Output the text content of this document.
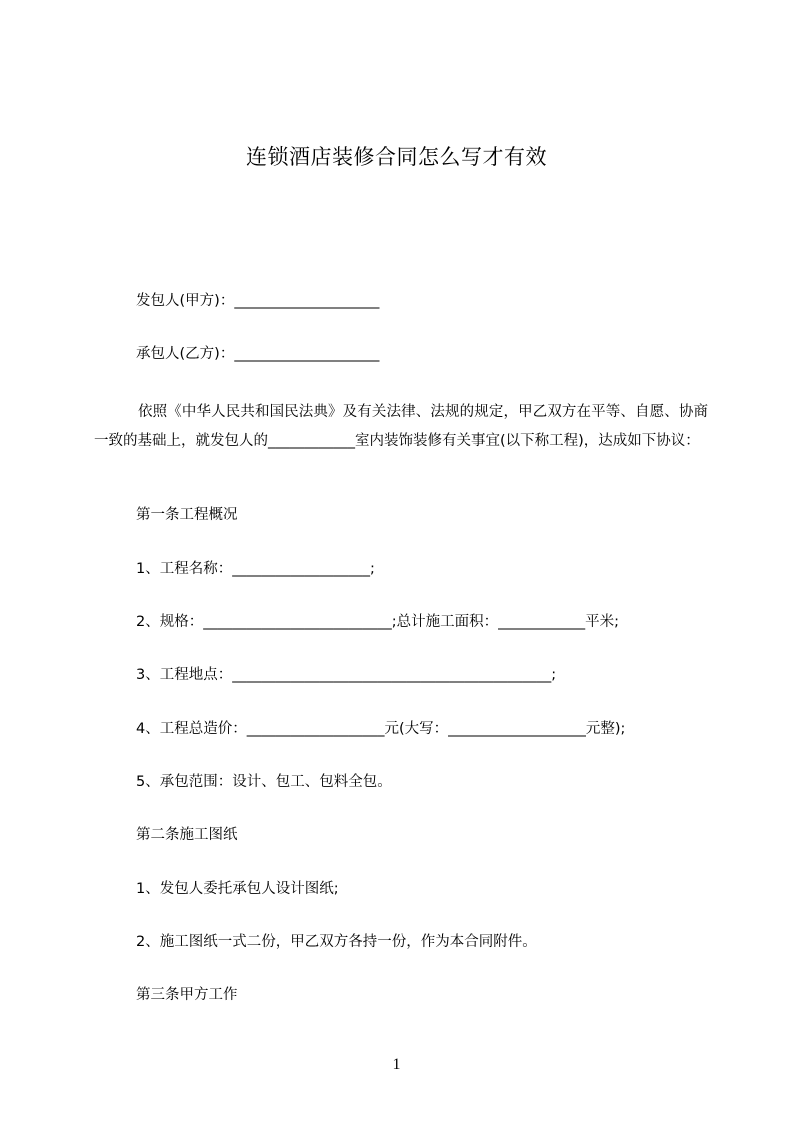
连锁酒店装修合同怎么写才有效
发包人(甲方)：____________________
承包人(乙方)：____________________
依照《中华人民共和国民法典》及有关法律、法规的规定，甲乙双方在平等、自愿、协商一致的基础上，就发包人的____________室内装饰装修有关事宜(以下称工程)，达成如下协议：
第一条工程概况
1、工程名称：___________________;
2、规格：__________________________;总计施工面积：____________平米;
3、工程地点：____________________________________________;
4、工程总造价：___________________元(大写：___________________元整);
5、承包范围：设计、包工、包料全包。
第二条施工图纸
1、发包人委托承包人设计图纸;
2、施工图纸一式二份，甲乙双方各持一份，作为本合同附件。
第三条甲方工作
1
